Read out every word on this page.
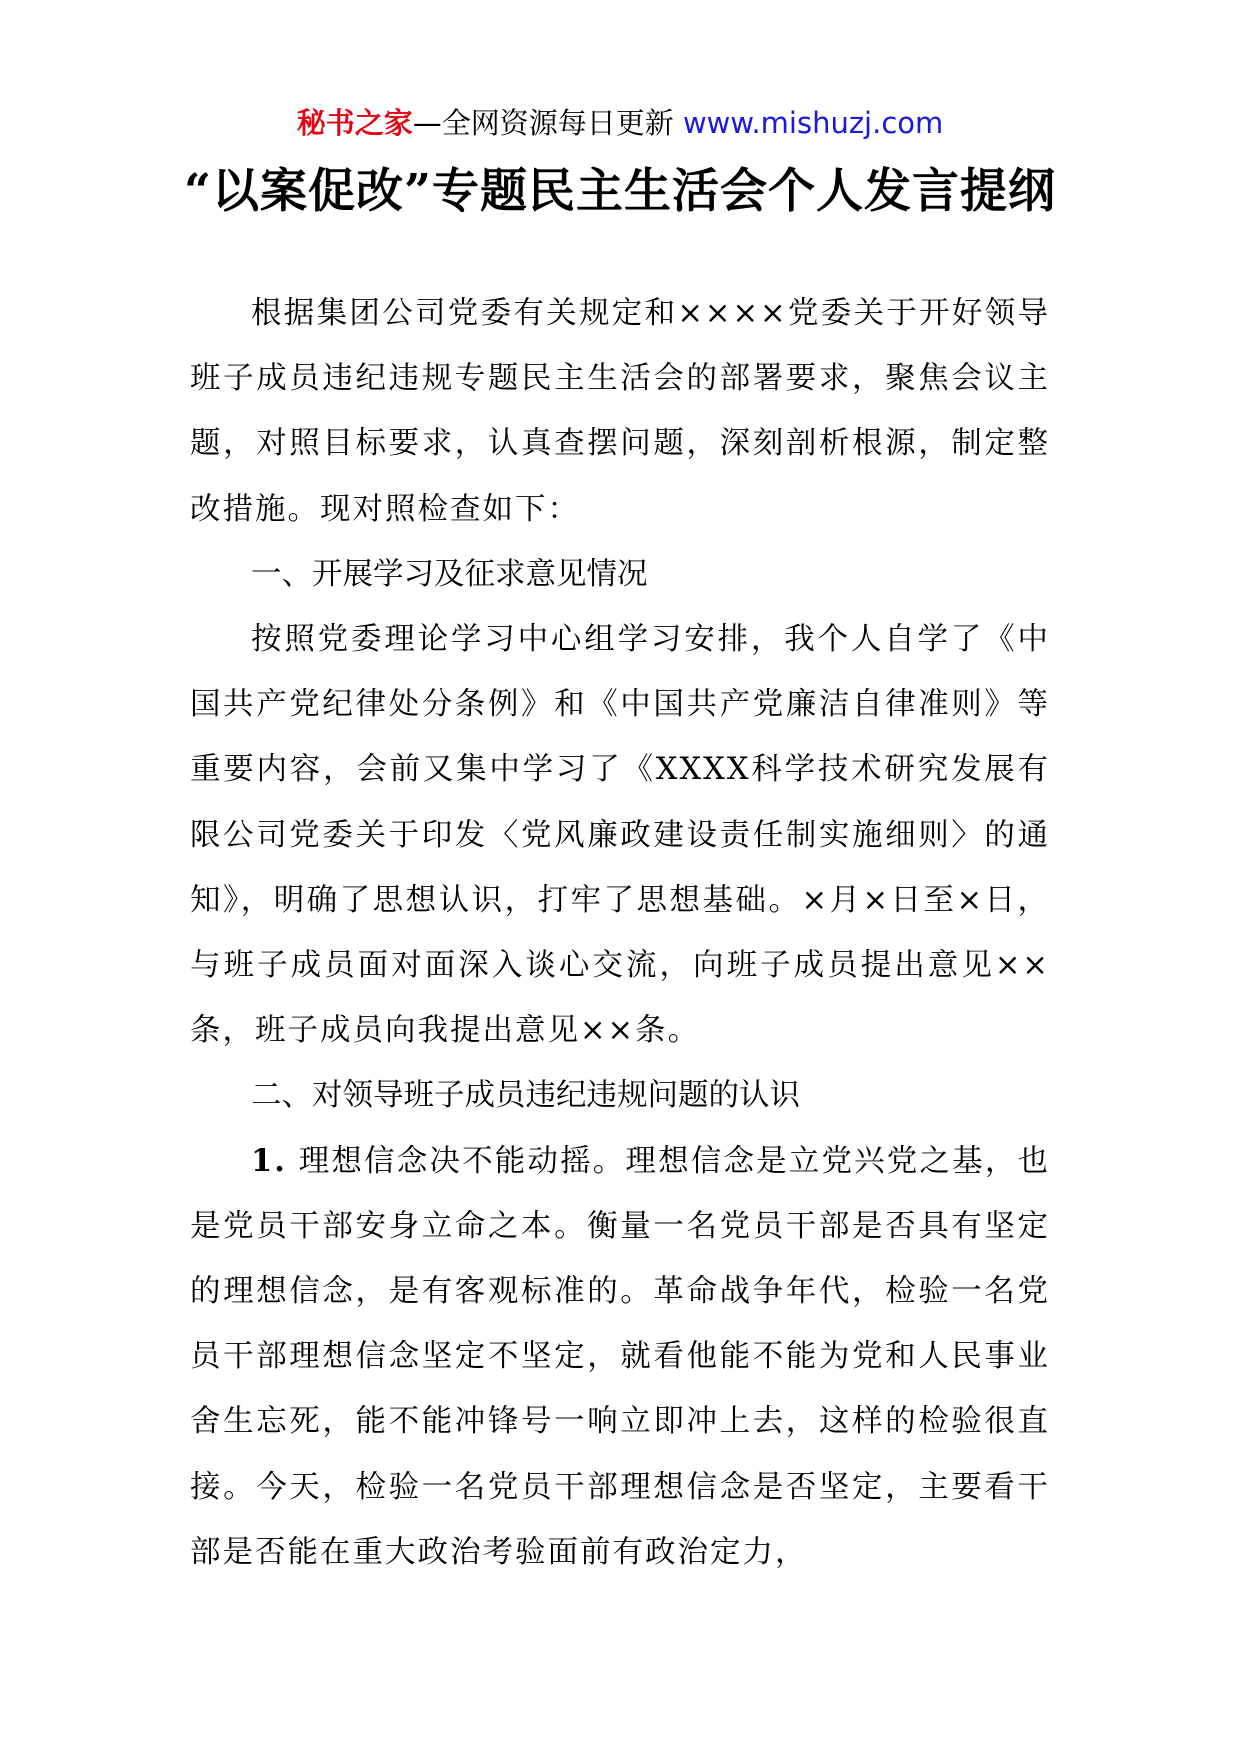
秘书之家—全网资源每日更新 www.mishuzj.com
“以案促改”专题民主生活会个人发言提纲

根据集团公司党委有关规定和××××党委关于开好领导班子成员违纪违规专题民主生活会的部署要求，聚焦会议主题，对照目标要求，认真查摆问题，深刻剖析根源，制定整改措施。现对照检查如下：

一、开展学习及征求意见情况

按照党委理论学习中心组学习安排，我个人自学了《中国共产党纪律处分条例》和《中国共产党廉洁自律准则》等重要内容，会前又集中学习了《XXXX科学技术研究发展有限公司党委关于印发〈党风廉政建设责任制实施细则〉的通知》，明确了思想认识，打牢了思想基础。×月×日至×日，与班子成员面对面深入谈心交流，向班子成员提出意见××条，班子成员向我提出意见××条。

二、对领导班子成员违纪违规问题的认识

1. 理想信念决不能动摇。理想信念是立党兴党之基，也是党员干部安身立命之本。衡量一名党员干部是否具有坚定的理想信念，是有客观标准的。革命战争年代，检验一名党员干部理想信念坚定不坚定，就看他能不能为党和人民事业舍生忘死，能不能冲锋号一响立即冲上去，这样的检验很直接。今天，检验一名党员干部理想信念是否坚定，主要看干部是否能在重大政治考验面前有政治定力，
